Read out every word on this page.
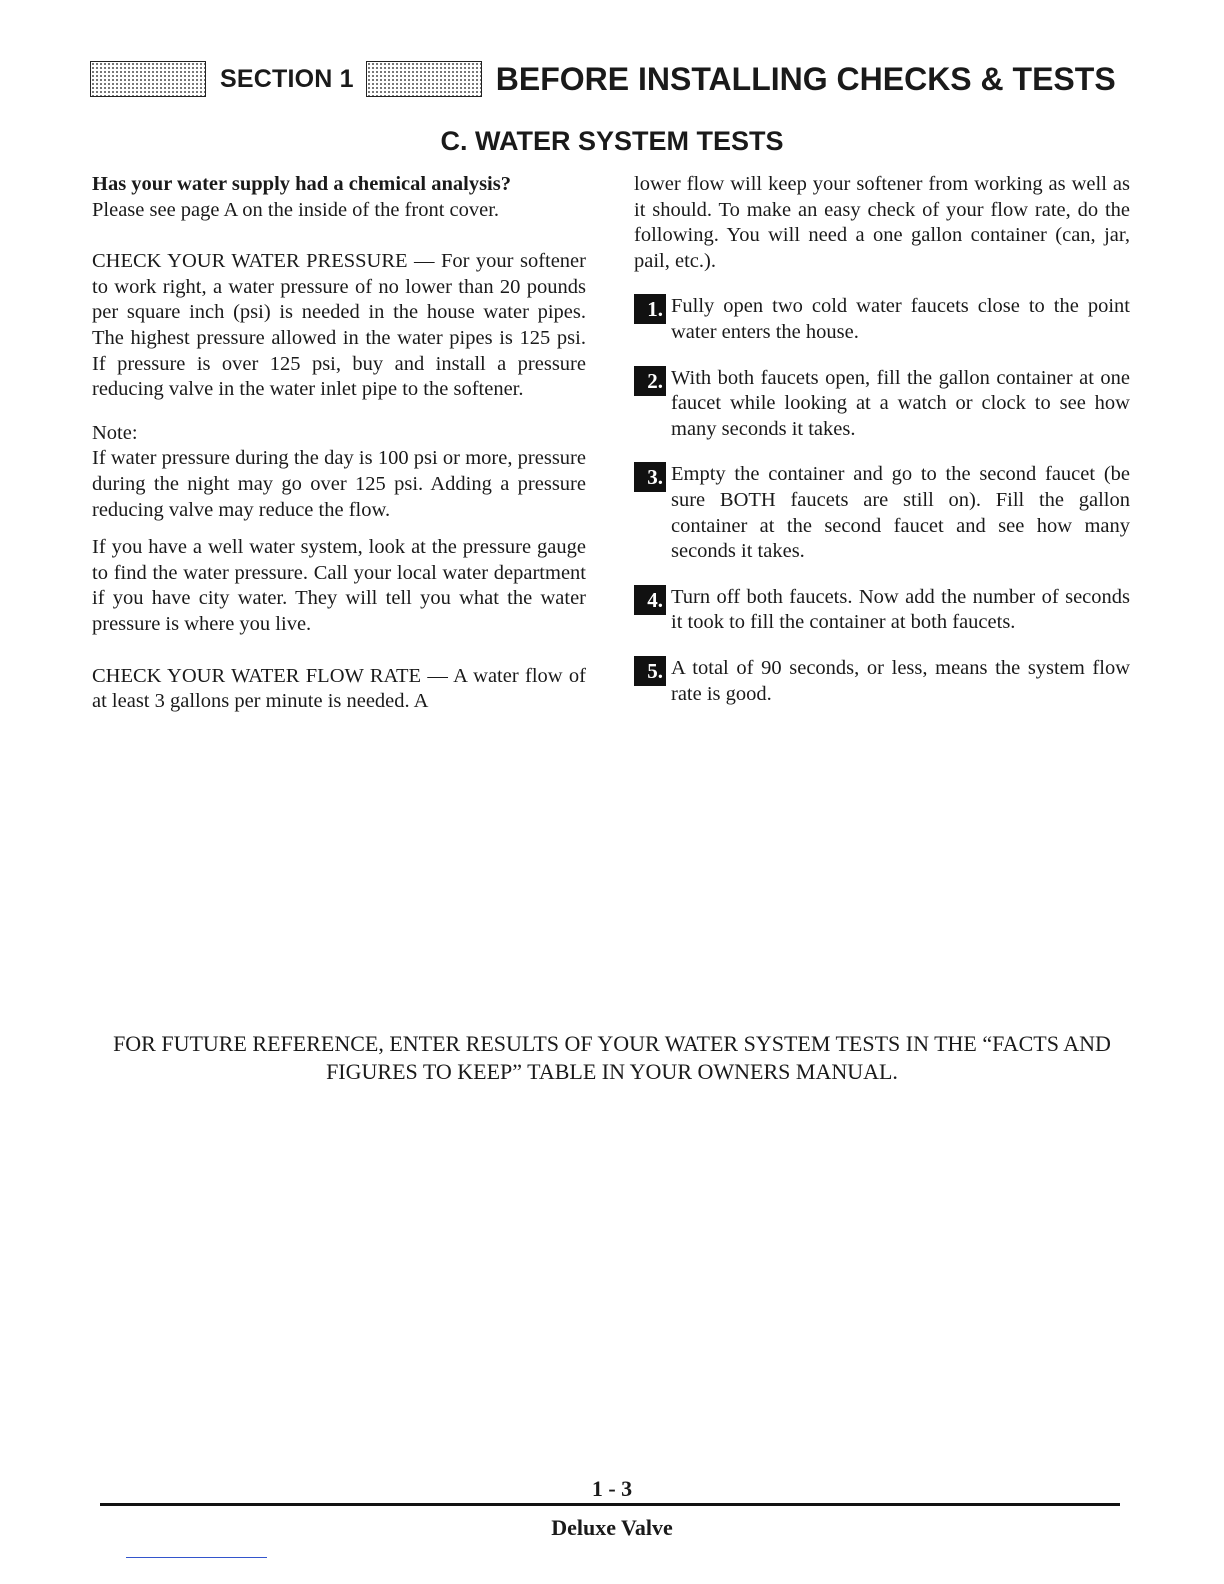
SECTION 1	BEFORE INSTALLING CHECKS & TESTS
C. WATER SYSTEM TESTS

Has your water supply had a chemical analysis?

Please see page A on the inside of the front cover.

CHECK YOUR WATER PRESSURE — For your softener to work right, a water pressure of no lower than 20 pounds per square inch (psi) is needed in the house water pipes. The highest pressure allowed in the water pipes is 125 psi. If pressure is over 125 psi, buy and install a pressure reducing valve in the water inlet pipe to the softener.

Note:

If water pressure during the day is 100 psi or more, pressure during the night may go over 125 psi. Adding a pressure reducing valve may reduce the flow.

If you have a well water system, look at the pressure gauge to find the water pressure. Call your local water department if you have city water. They will tell you what the water pressure is where you live.

CHECK YOUR WATER FLOW RATE — A water flow of at least 3 gallons per minute is needed. A

lower flow will keep your softener from working as well as it should. To make an easy check of your flow rate, do the following. You will need a one gallon container (can, jar, pail, etc.).

1. Fully open two cold water faucets close to the point water enters the house.
2. With both faucets open, fill the gallon container at one faucet while looking at a watch or clock to see how many seconds it takes.
3. Empty the container and go to the second faucet (be sure BOTH faucets are still on). Fill the gallon container at the second faucet and see how many seconds it takes.
4. Turn off both faucets. Now add the number of seconds it took to fill the container at both faucets.
5. A total of 90 seconds, or less, means the system flow rate is good.
FOR FUTURE REFERENCE, ENTER RESULTS OF YOUR WATER SYSTEM TESTS IN THE “FACTS AND FIGURES TO KEEP” TABLE IN YOUR OWNERS MANUAL.
1 - 3
Deluxe Valve
